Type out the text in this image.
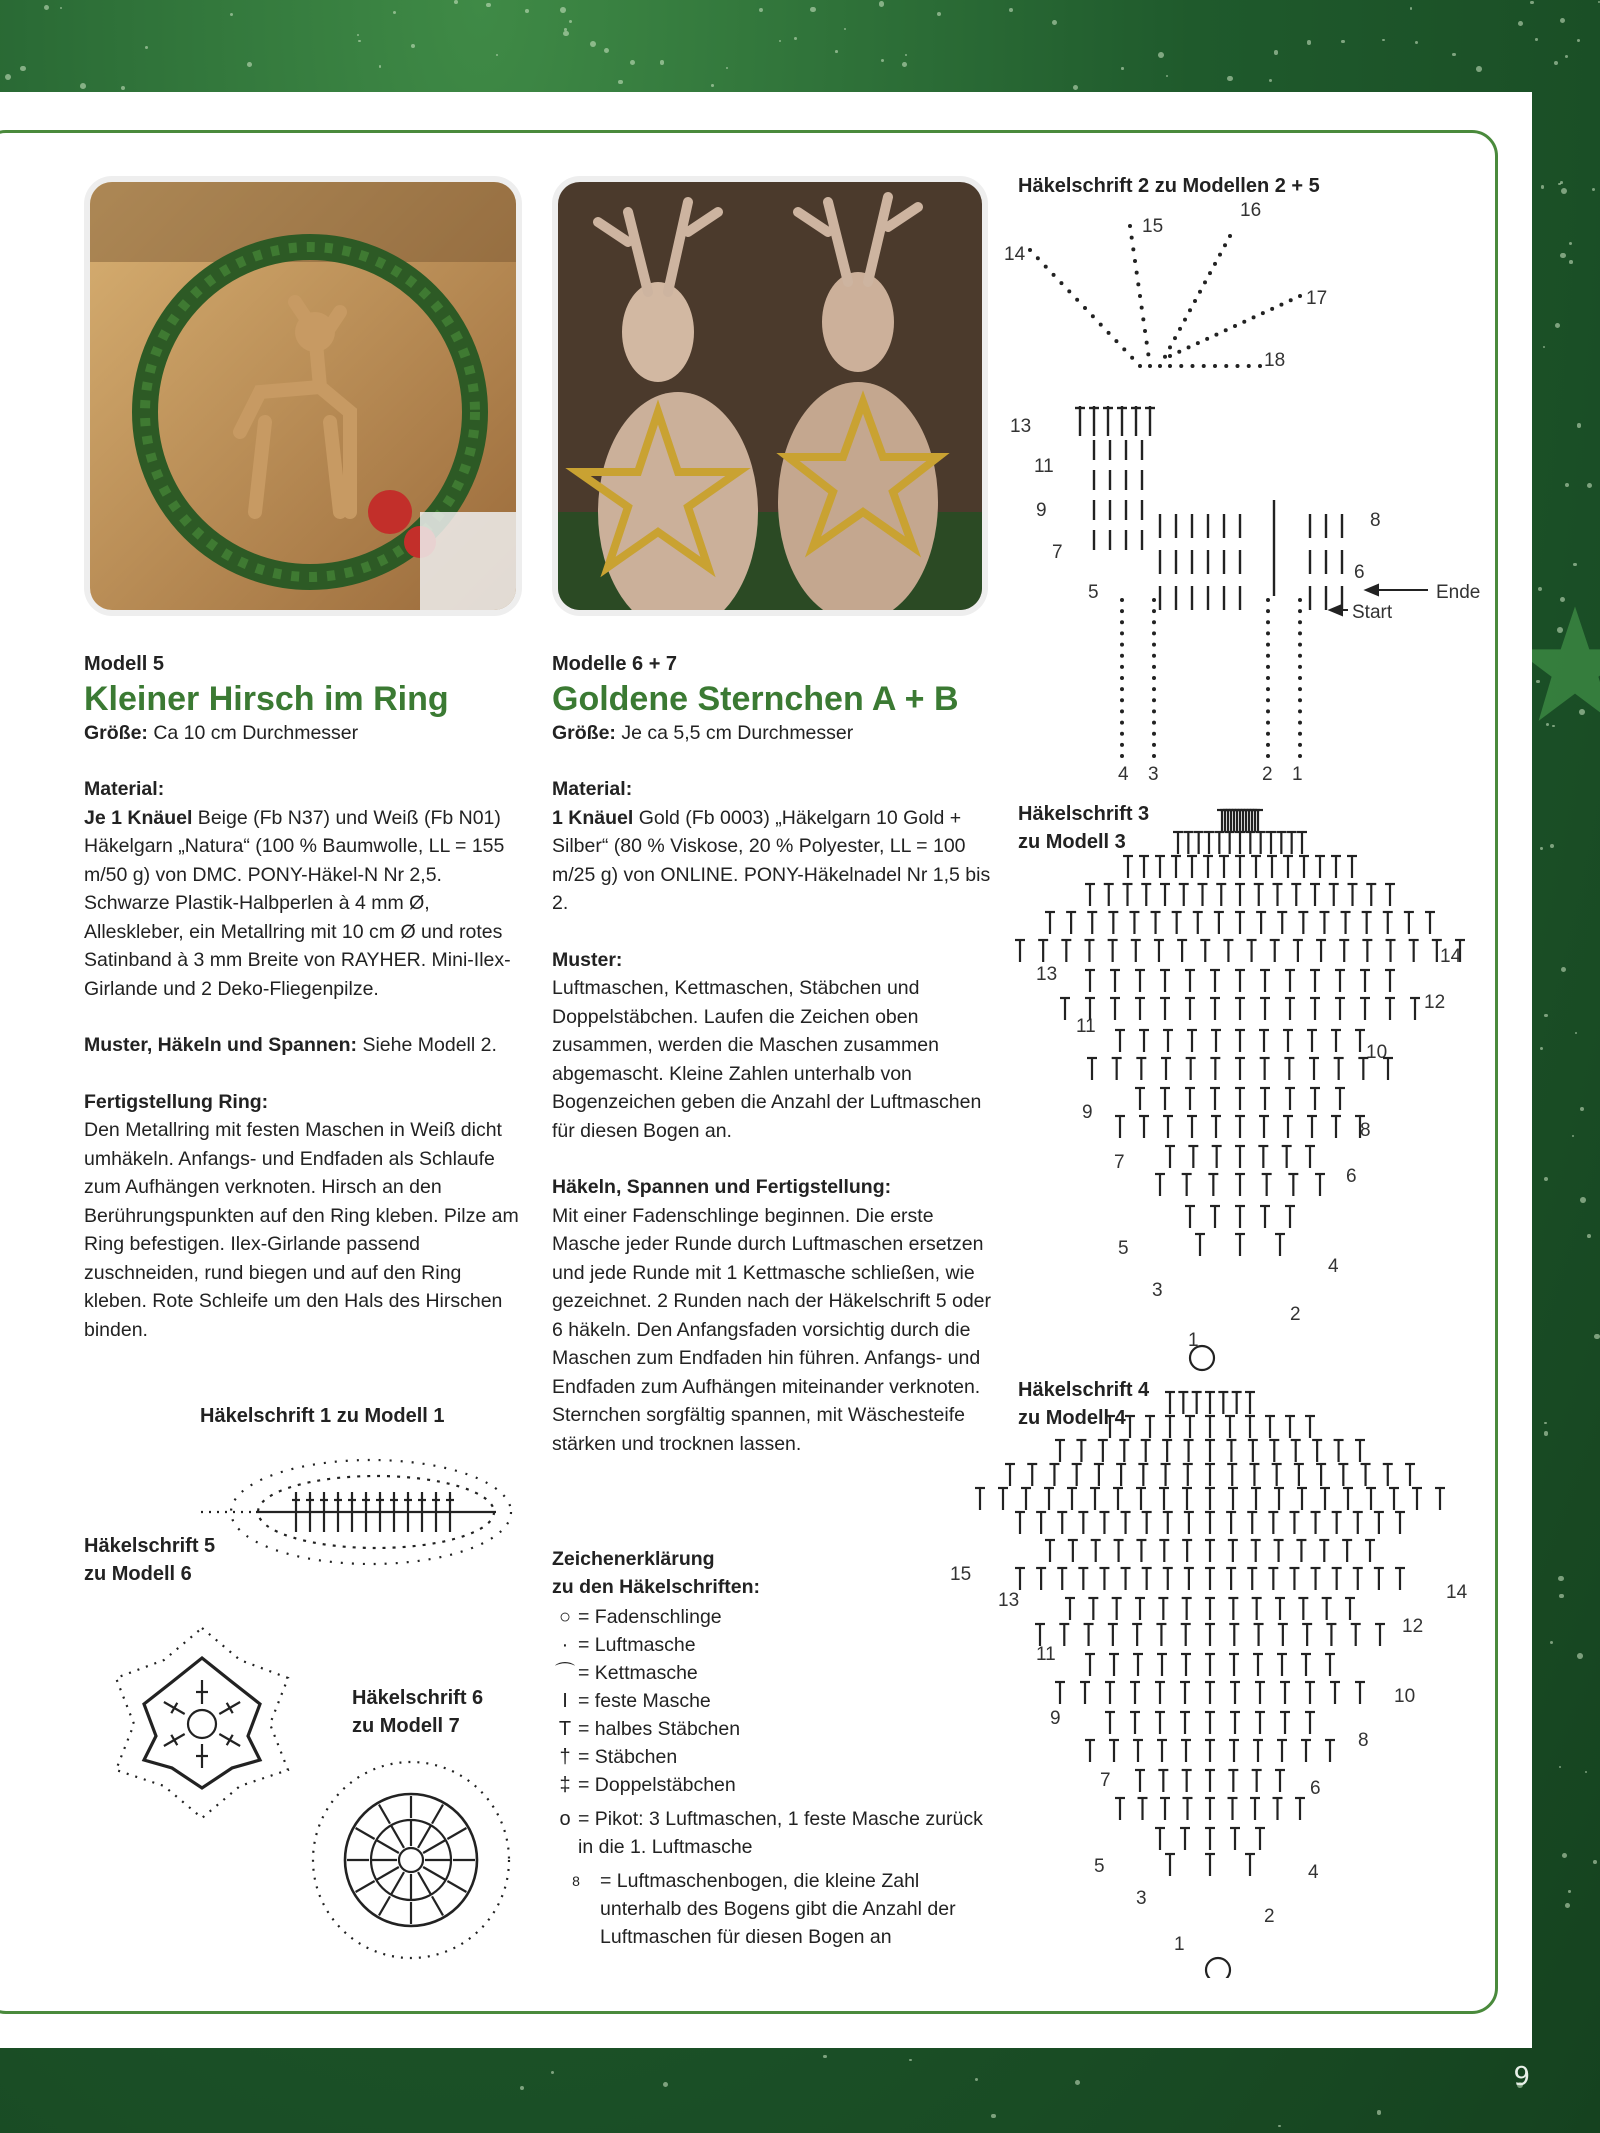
9

Modell 5

Kleiner Hirsch im Ring

Größe: Ca 10 cm Durchmesser

Material:

Je 1 Knäuel Beige (Fb N37) und Weiß (Fb N01) Häkelgarn „Natura“ (100 % Baumwolle, LL = 155 m/50 g) von DMC. PONY-Häkel-N Nr 2,5. Schwarze Plastik-Halbperlen à 4 mm Ø, Alleskleber, ein Metallring mit 10 cm Ø und rotes Satinband à 3 mm Breite von RAYHER. Mini-Ilex-Girlande und 2 Deko-Fliegenpilze.

Muster, Häkeln und Spannen: Siehe Modell 2.

Fertigstellung Ring:

Den Metallring mit festen Maschen in Weiß dicht umhäkeln. Anfangs- und Endfaden als Schlaufe zum Aufhängen verknoten. Hirsch an den Berührungspunkten auf den Ring kleben. Pilze am Ring befestigen. Ilex-Girlande passend zuschneiden, rund biegen und auf den Ring kleben. Rote Schleife um den Hals des Hirschen binden.

Modelle 6 + 7

Goldene Sternchen A + B

Größe: Je ca 5,5 cm Durchmesser

Material:

1 Knäuel Gold (Fb 0003) „Häkelgarn 10 Gold + Silber“ (80 % Viskose, 20 % Polyester, LL = 100 m/25 g) von ONLINE. PONY-Häkelnadel Nr 1,5 bis 2.

Muster:

Luftmaschen, Kettmaschen, Stäbchen und Doppelstäbchen. Laufen die Zeichen oben zusammen, werden die Maschen zusammen abgemascht. Kleine Zahlen unterhalb von Bogenzeichen geben die Anzahl der Luftmaschen für diesen Bogen an.

Häkeln, Spannen und Fertigstellung:

Mit einer Fadenschlinge beginnen. Die erste Masche jeder Runde durch Luftmaschen ersetzen und jede Runde mit 1 Kettmasche schließen, wie gezeichnet. 2 Runden nach der Häkelschrift 5 oder 6 häkeln. Den Anfangsfaden vorsichtig durch die Maschen zum Endfaden hin führen. Anfangs- und Endfaden zum Aufhängen miteinander verknoten. Sternchen sorgfältig spannen, mit Wäschesteife stärken und trocknen lassen.

Häkelschrift 1 zu Modell 1
Häkelschrift 5
zu Modell 6
Häkelschrift 6
zu Modell 7
Häkelschrift 2 zu Modellen 2 + 5
Häkelschrift 3
zu Modell 3
Häkelschrift 4
zu Modell 4
15
16
14
17
18
13
11
9
7
5
8
6
4 3	2 1
Ende
Start
14
13
12
11
10
9
8
7
6
5
4
3
2
1
15
14
13
12
11
10
9
8
7	6
5	4
3
2
1
Zeichenerklärung
zu den Häkelschriften:
○ = Fadenschlinge
· = Luftmasche
⌒ = Kettmasche
I = feste Masche
T = halbes Stäbchen
† = Stäbchen
‡ = Doppelstäbchen
o = Pikot: 3 Luftmaschen, 1 feste Masche zurück in die 1. Luftmasche
8	= Luftmaschenbogen, die kleine Zahl unterhalb des Bogens gibt die Anzahl der Luftmaschen für diesen Bogen an
